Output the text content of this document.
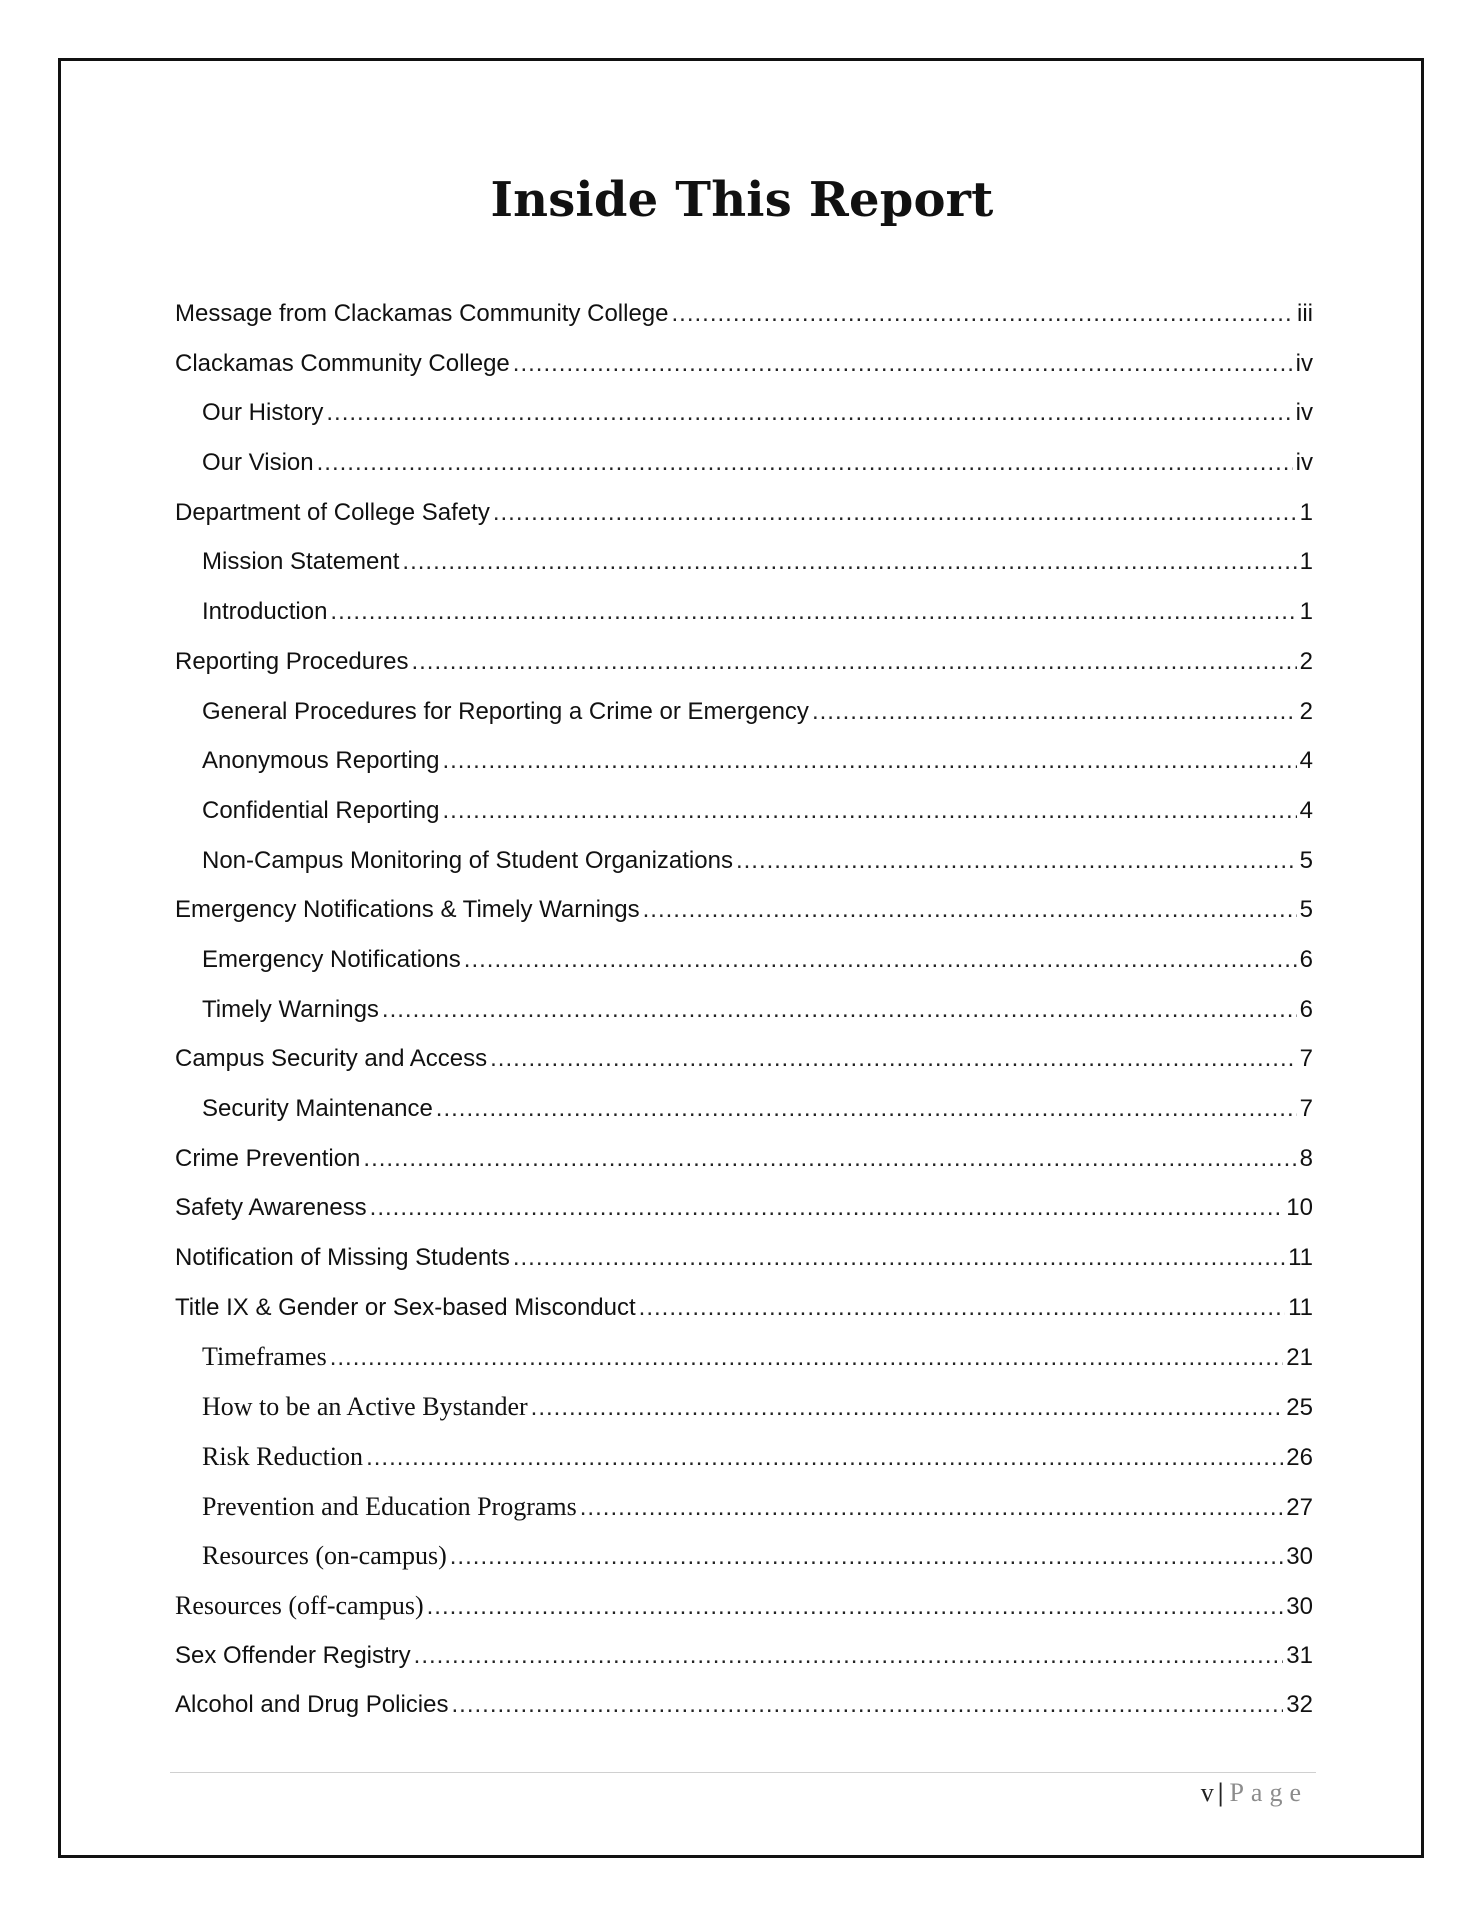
Inside This Report
Message from Clackamas Community College .....	iii
Clackamas Community College .....	iv
Our History .....	iv
Our Vision .....	iv
Department of College Safety .....	1
Mission Statement .....	1
Introduction .....	1
Reporting Procedures .....	2
General Procedures for Reporting a Crime or Emergency .....	2
Anonymous Reporting .....	4
Confidential Reporting .....	4
Non-Campus Monitoring of Student Organizations .....	5
Emergency Notifications & Timely Warnings .....	5
Emergency Notifications .....	6
Timely Warnings .....	6
Campus Security and Access .....	7
Security Maintenance .....	7
Crime Prevention .....	8
Safety Awareness .....	10
Notification of Missing Students .....	11
Title IX & Gender or Sex-based Misconduct .....	11
Timeframes .....	21
How to be an Active Bystander .....	25
Risk Reduction .....	26
Prevention and Education Programs .....	27
Resources (on-campus) .....	30
Resources (off-campus) .....	30
Sex Offender Registry .....	31
Alcohol and Drug Policies .....	32
v | Page
